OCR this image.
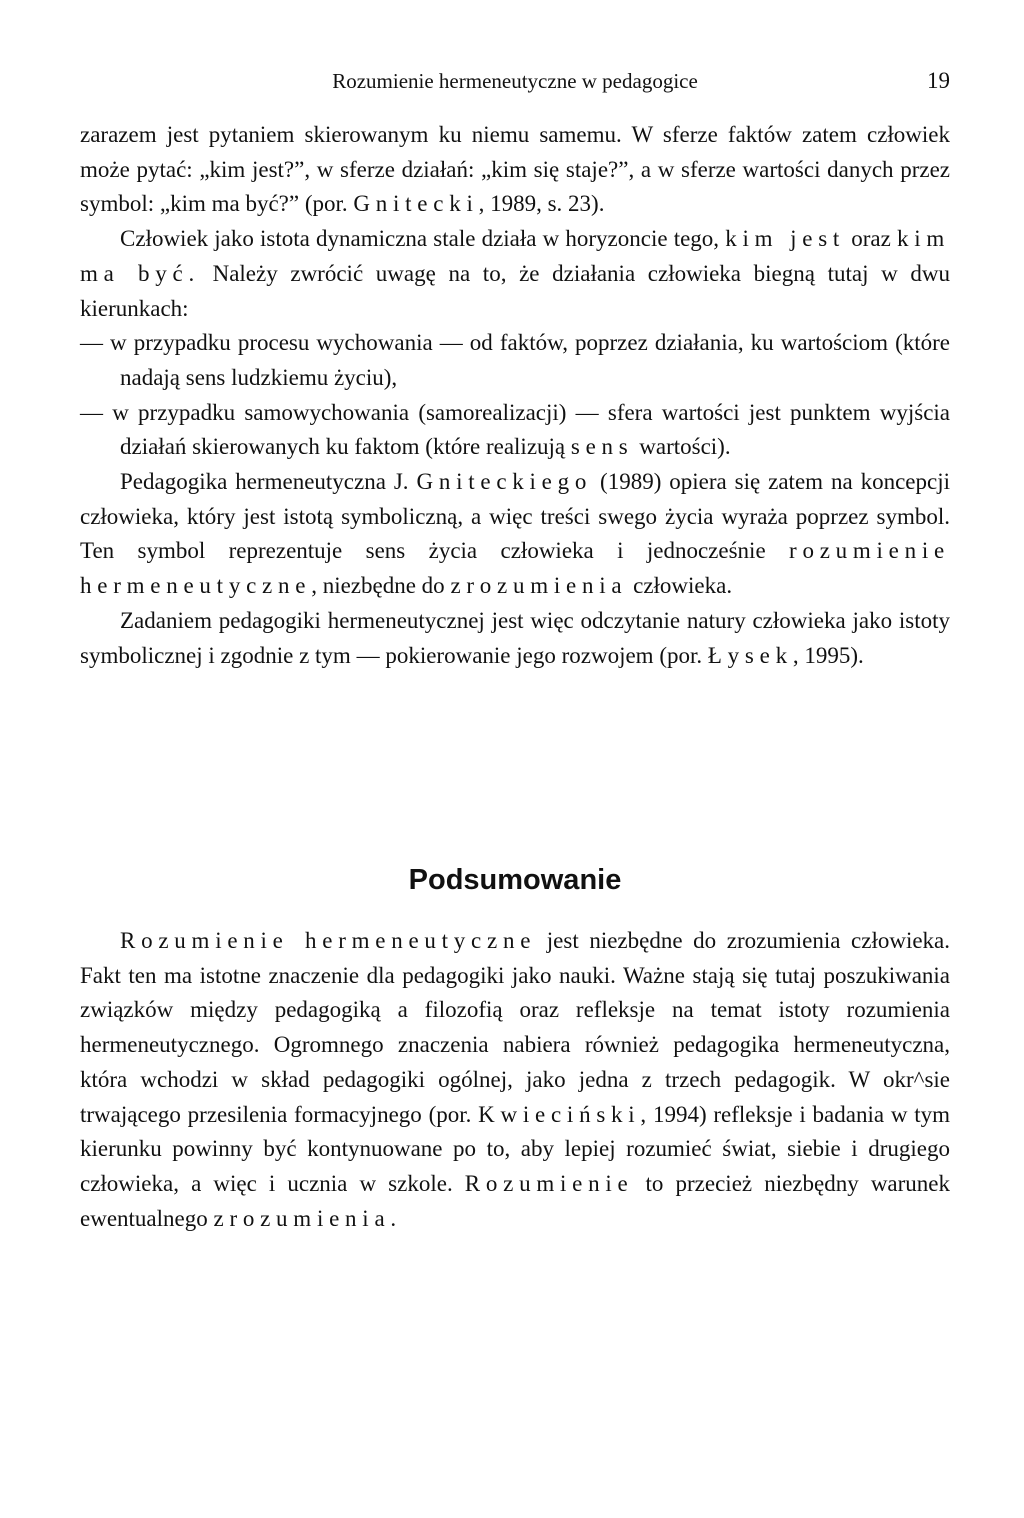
Rozumienie hermeneutyczne w pedagogice	19

zarazem jest pytaniem skierowanym ku niemu samemu. W sferze faktów zatem człowiek może pytać: „kim jest?”, w sferze działań: „kim się staje?”, a w sferze wartości danych przez symbol: „kim ma być?” (por. Gnitecki, 1989, s. 23).

Człowiek jako istota dynamiczna stale działa w horyzoncie tego, kim jest oraz kim ma być. Należy zwrócić uwagę na to, że działania człowieka biegną tutaj w dwu kierunkach:

— w przypadku procesu wychowania — od faktów, poprzez działania, ku wartościom (które nadają sens ludzkiemu życiu),

— w przypadku samowychowania (samorealizacji) — sfera wartości jest punktem wyjścia działań skierowanych ku faktom (które realizują sens wartości).

Pedagogika hermeneutyczna J. Gniteckiego (1989) opiera się zatem na koncepcji człowieka, który jest istotą symboliczną, a więc treści swego życia wyraża poprzez symbol. Ten symbol reprezentuje sens życia człowieka i jednocześnie rozumienie hermeneutyczne, niezbędne do zrozumienia człowieka.

Zadaniem pedagogiki hermeneutycznej jest więc odczytanie natury człowieka jako istoty symbolicznej i zgodnie z tym — pokierowanie jego rozwojem (por. Łysek, 1995).

Podsumowanie

Rozumienie hermeneutyczne jest niezbędne do zrozumienia człowieka. Fakt ten ma istotne znaczenie dla pedagogiki jako nauki. Ważne stają się tutaj poszukiwania związków między pedagogiką a filozofią oraz refleksje na temat istoty rozumienia hermeneutycznego. Ogromnego znaczenia nabiera również pedagogika hermeneutyczna, która wchodzi w skład pedagogiki ogólnej, jako jedna z trzech pedagogik. W okr^sie trwającego przesilenia formacyjnego (por. Kwieciński, 1994) refleksje i badania w tym kierunku powinny być kontynuowane po to, aby lepiej rozumieć świat, siebie i drugiego człowieka, a więc i ucznia w szkole. Rozumienie to przecież niezbędny warunek ewentualnego zrozumienia.
